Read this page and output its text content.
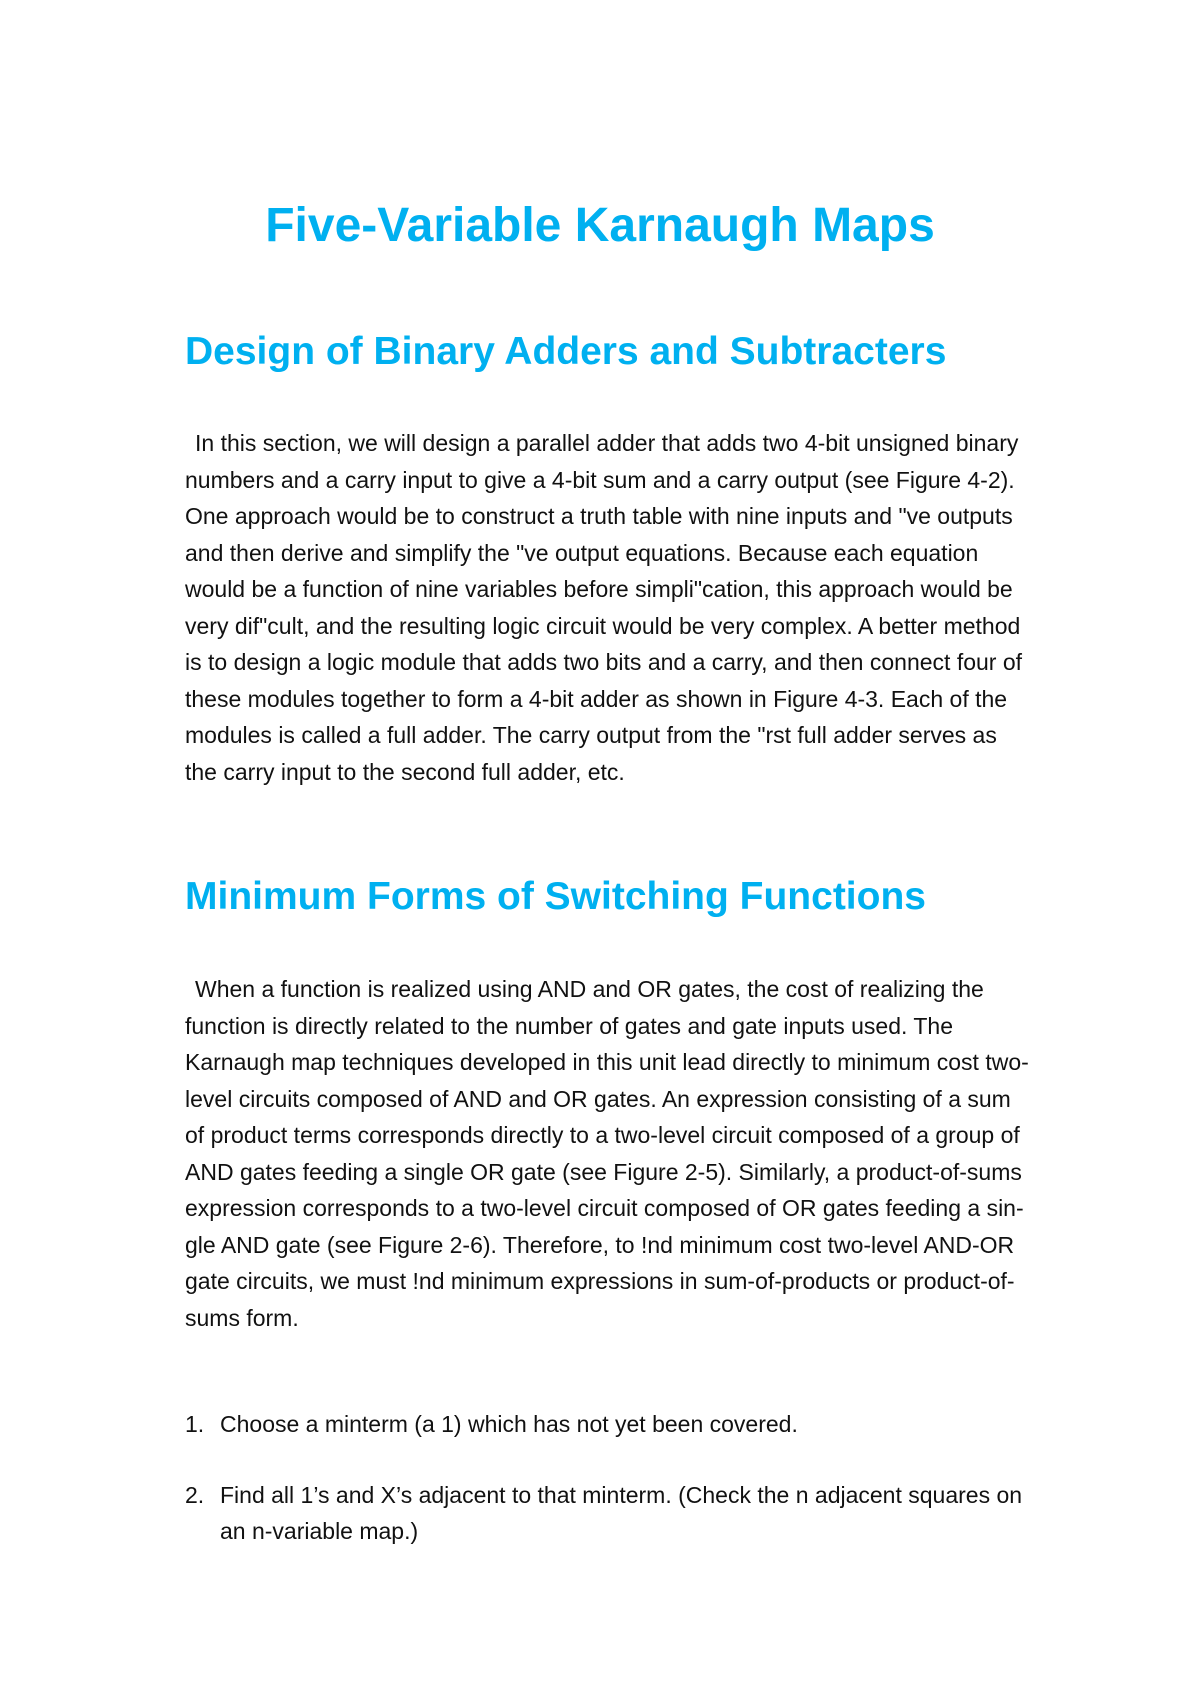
Five-Variable Karnaugh Maps
Design of Binary Adders and Subtracters

In this section, we will design a parallel adder that adds two 4-bit unsigned binary numbers and a carry input to give a 4-bit sum and a carry output (see Figure 4-2). One approach would be to construct a truth table with nine inputs and "ve outputs and then derive and simplify the "ve output equations. Because each equation would be a function of nine variables before simpli"cation, this approach would be very dif"cult, and the resulting logic circuit would be very complex. A better method is to design a logic module that adds two bits and a carry, and then connect four of these modules together to form a 4-bit adder as shown in Figure 4-3. Each of the modules is called a full adder. The carry output from the "rst full adder serves as the carry input to the second full adder, etc.

Minimum Forms of Switching Functions

When a function is realized using AND and OR gates, the cost of realizing the function is directly related to the number of gates and gate inputs used. The Karnaugh map techniques developed in this unit lead directly to minimum cost two-level circuits composed of AND and OR gates. An expression consisting of a sum of product terms corresponds directly to a two-level circuit composed of a group of AND gates feeding a single OR gate (see Figure 2-5). Similarly, a product-of-sums expression corresponds to a two-level circuit composed of OR gates feeding a sin-gle AND gate (see Figure 2-6). Therefore, to !nd minimum cost two-level AND-OR gate circuits, we must !nd minimum expressions in sum-of-products or product-of-sums form.

1. Choose a minterm (a 1) which has not yet been covered.
2. Find all 1’s and X’s adjacent to that minterm. (Check the n adjacent squares on an n-variable map.)
